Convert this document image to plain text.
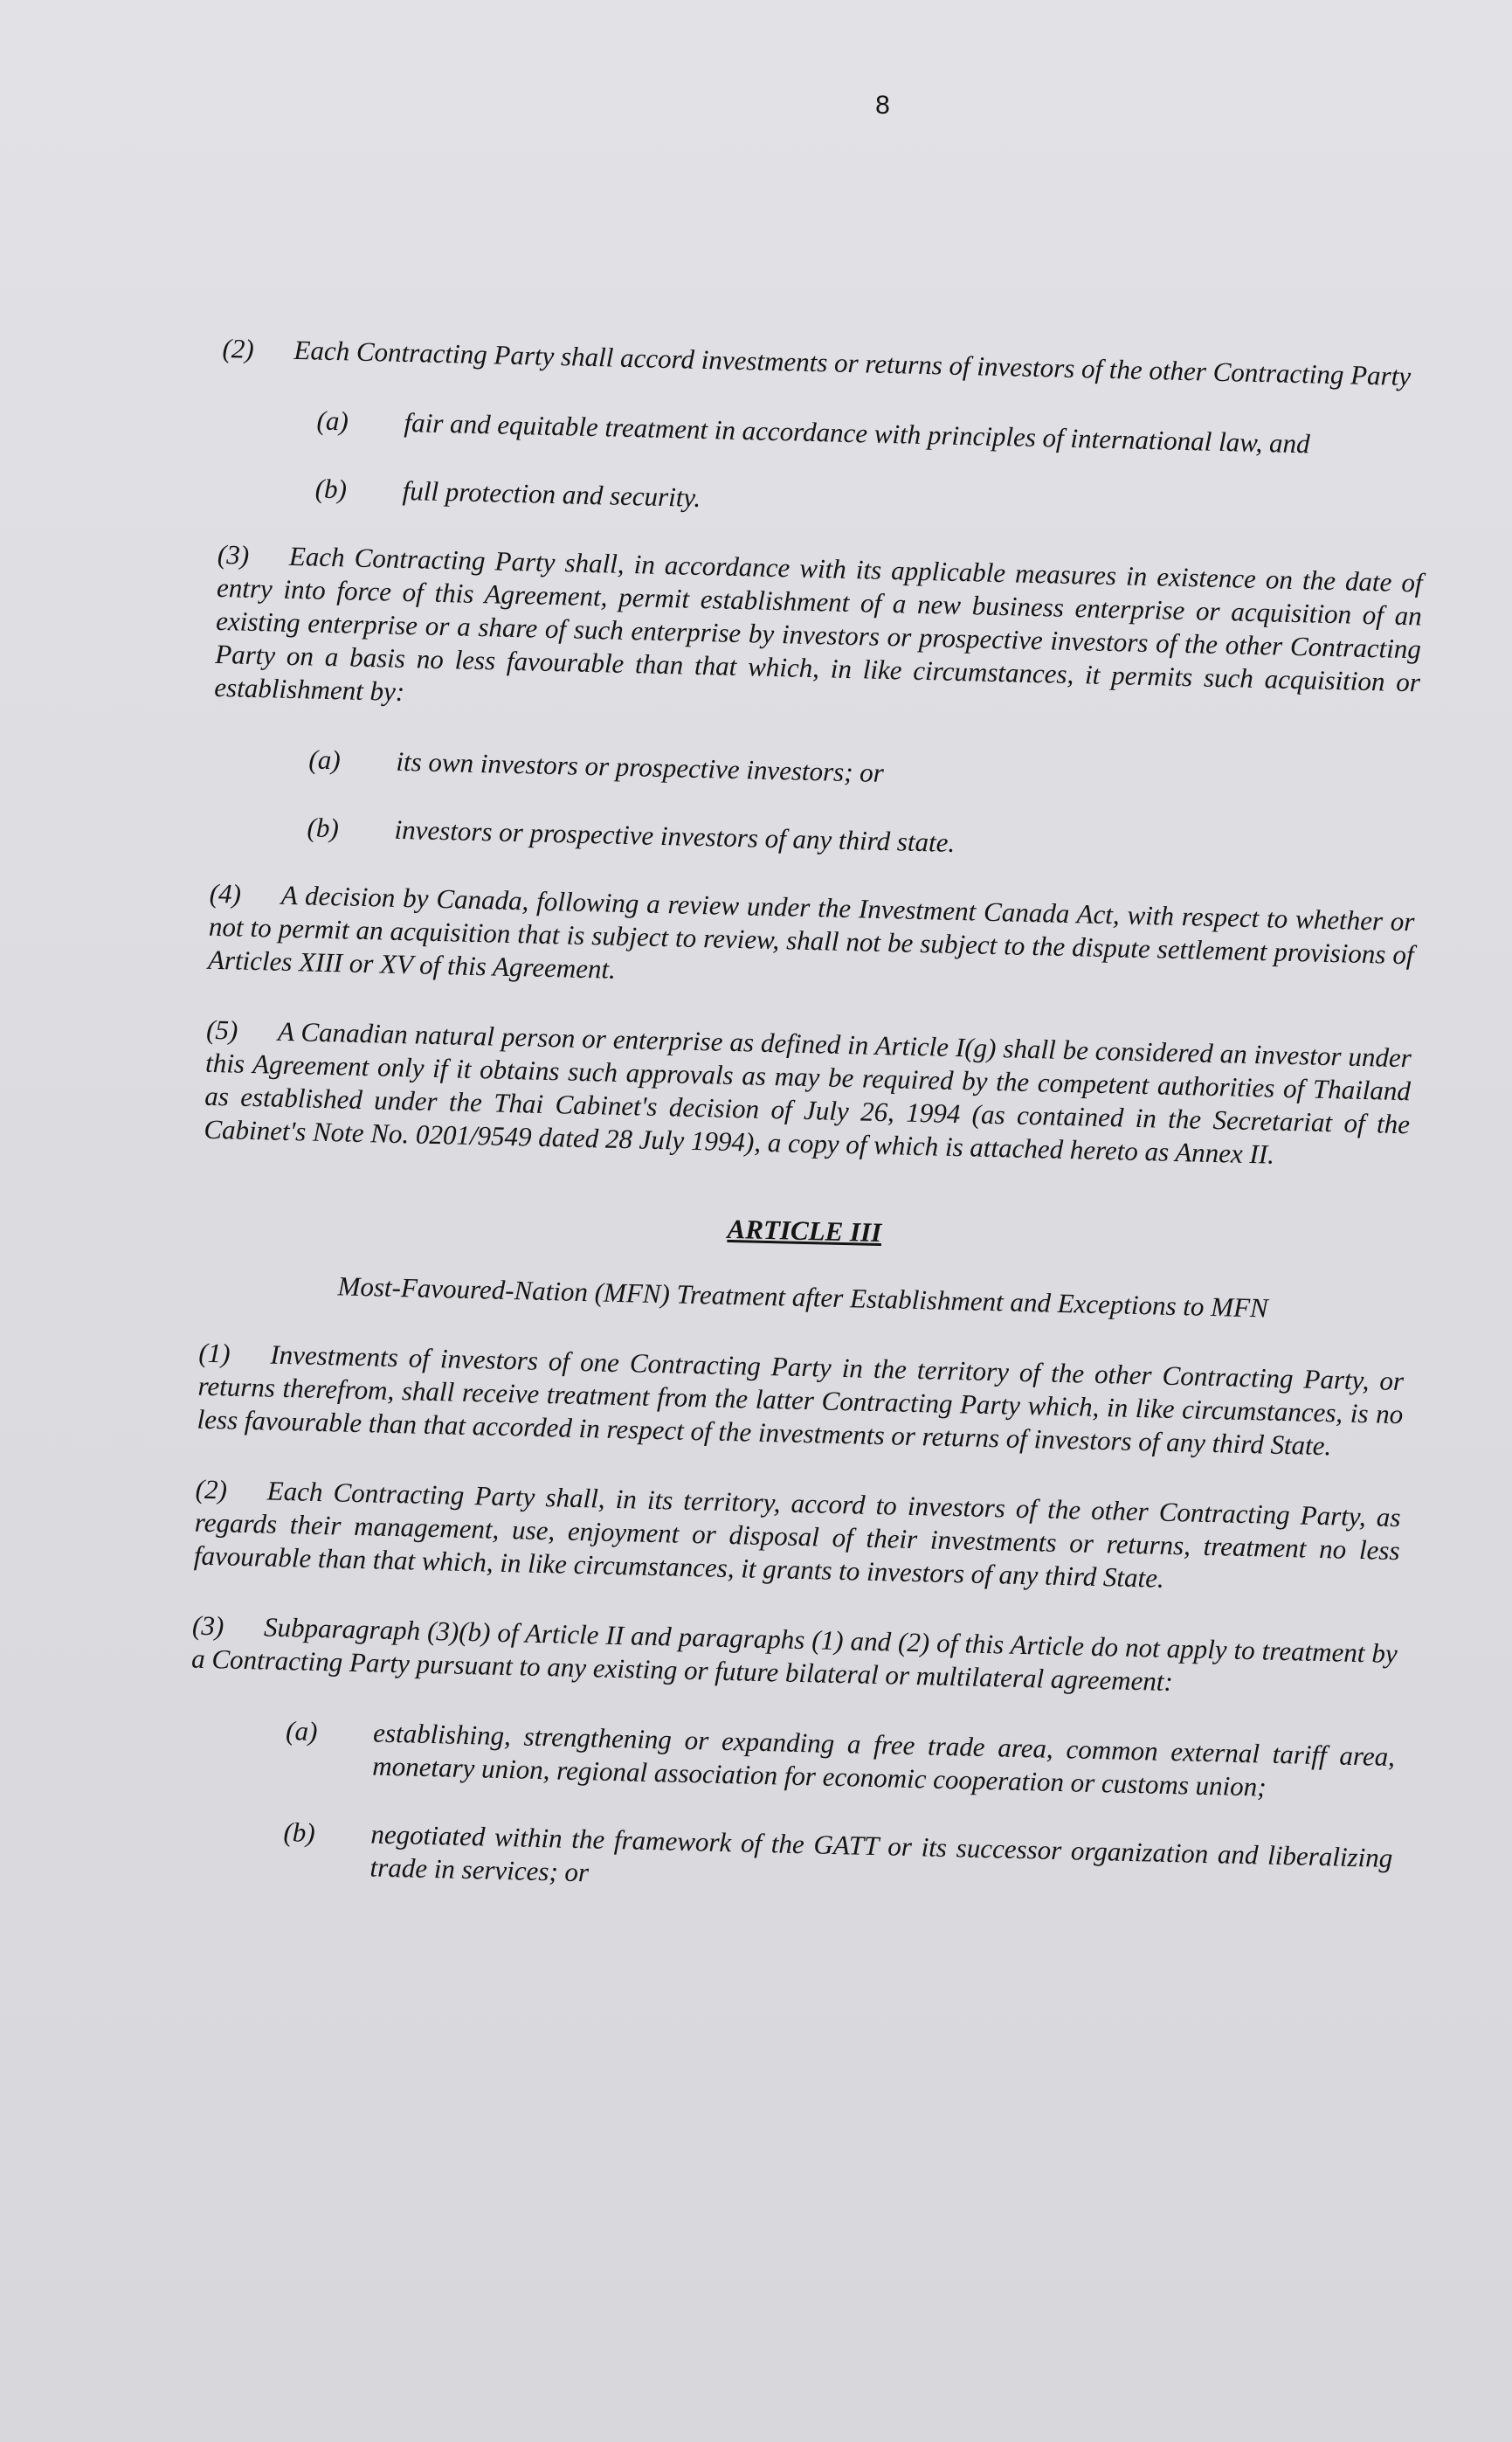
8

(2) Each Contracting Party shall accord investments or returns of investors of the other Contracting Party

(a) fair and equitable treatment in accordance with principles of international law, and
(b) full protection and security.

(3) Each Contracting Party shall, in accordance with its applicable measures in existence on the date of entry into force of this Agreement, permit establishment of a new business enterprise or acquisition of an existing enterprise or a share of such enterprise by investors or prospective investors of the other Contracting Party on a basis no less favourable than that which, in like circumstances, it permits such acquisition or establishment by:

(a) its own investors or prospective investors; or
(b) investors or prospective investors of any third state.

(4) A decision by Canada, following a review under the Investment Canada Act, with respect to whether or not to permit an acquisition that is subject to review, shall not be subject to the dispute settlement provisions of Articles XIII or XV of this Agreement.

(5) A Canadian natural person or enterprise as defined in Article I(g) shall be considered an investor under this Agreement only if it obtains such approvals as may be required by the competent authorities of Thailand as established under the Thai Cabinet's decision of July 26, 1994 (as contained in the Secretariat of the Cabinet's Note No. 0201/9549 dated 28 July 1994), a copy of which is attached hereto as Annex II.

ARTICLE III
Most-Favoured-Nation (MFN) Treatment after Establishment and Exceptions to MFN

(1) Investments of investors of one Contracting Party in the territory of the other Contracting Party, or returns therefrom, shall receive treatment from the latter Contracting Party which, in like circumstances, is no less favourable than that accorded in respect of the investments or returns of investors of any third State.

(2) Each Contracting Party shall, in its territory, accord to investors of the other Contracting Party, as regards their management, use, enjoyment or disposal of their investments or returns, treatment no less favourable than that which, in like circumstances, it grants to investors of any third State.

(3) Subparagraph (3)(b) of Article II and paragraphs (1) and (2) of this Article do not apply to treatment by a Contracting Party pursuant to any existing or future bilateral or multilateral agreement:

(a) establishing, strengthening or expanding a free trade area, common external tariff area, monetary union, regional association for economic cooperation or customs union;
(b) negotiated within the framework of the GATT or its successor organization and liberalizing trade in services; or
